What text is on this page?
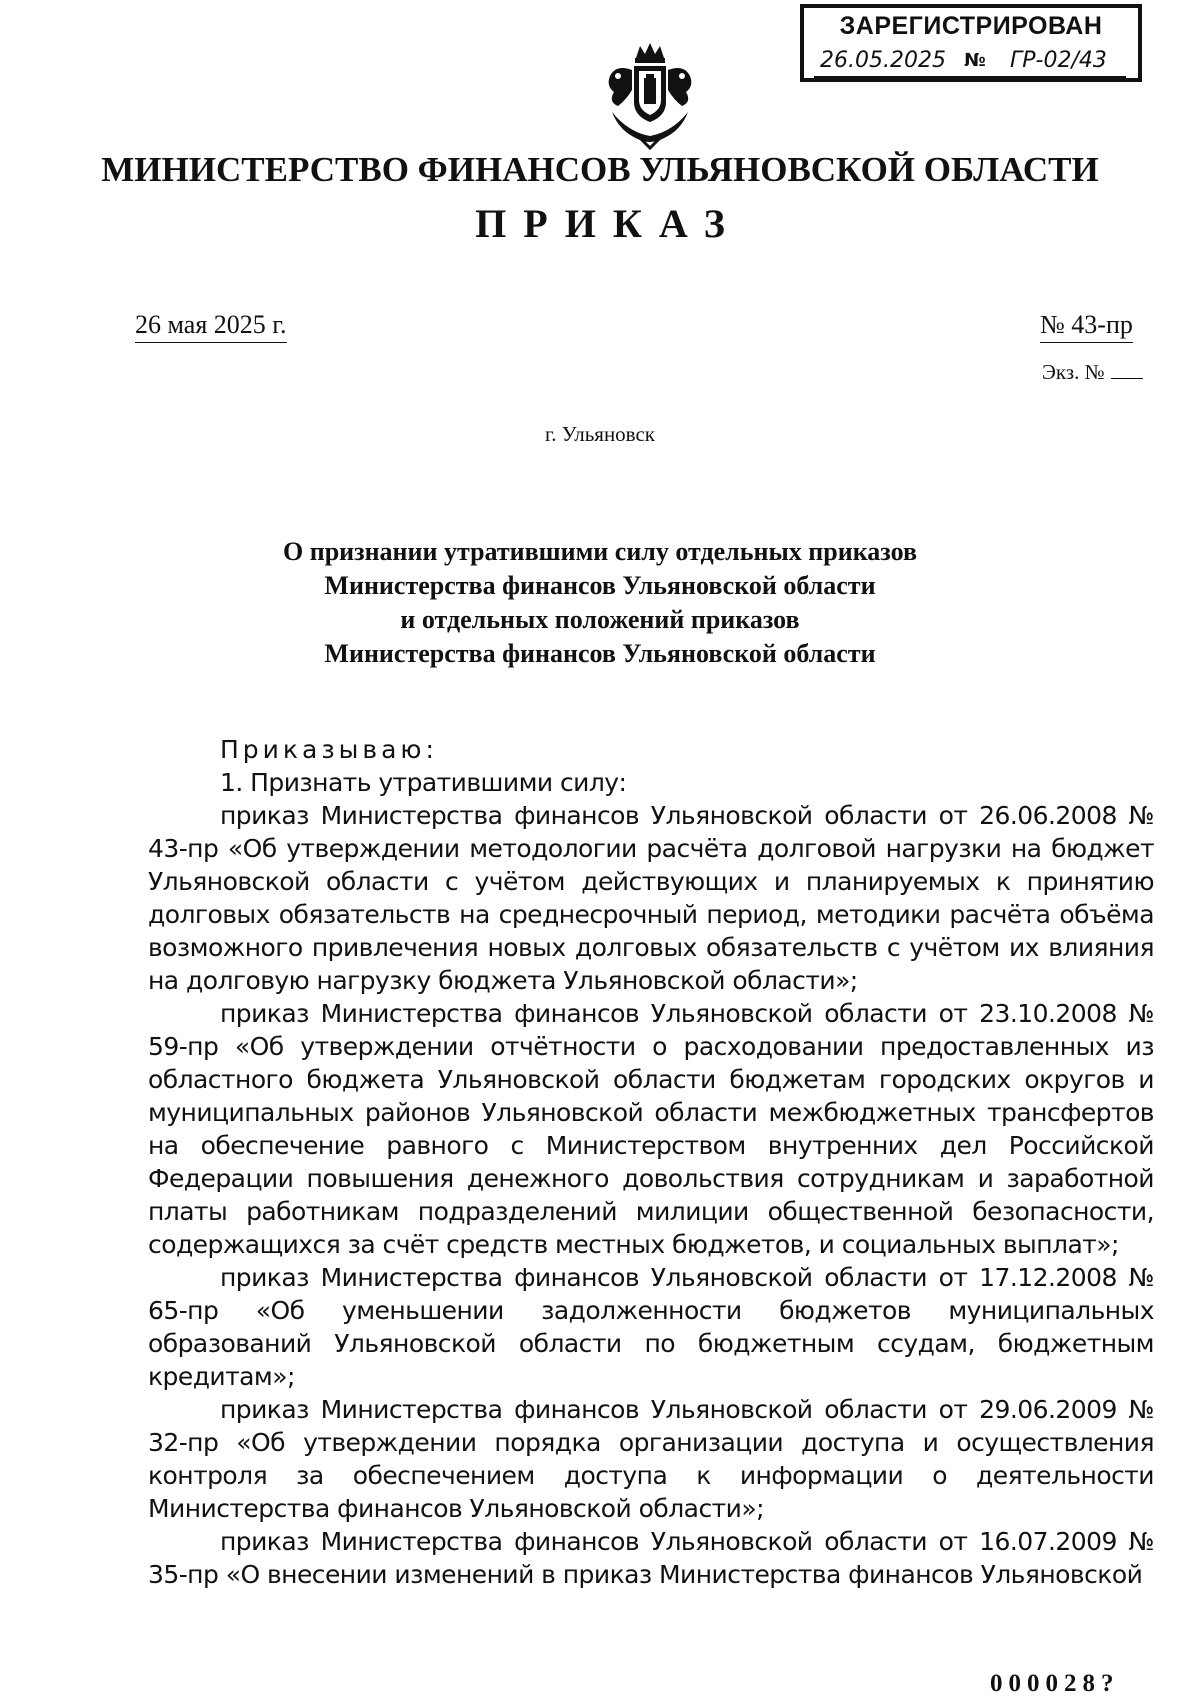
ЗАРЕГИСТРИРОВАН
26.05.2025 № ГР-02/43
МИНИСТЕРСТВО ФИНАНСОВ УЛЬЯНОВСКОЙ ОБЛАСТИ
ПРИКАЗ
26 мая 2025 г.	№ 43-пр
Экз. №
г. Ульяновск
О признании утратившими силу отдельных приказов
Министерства финансов Ульяновской области
и отдельных положений приказов
Министерства финансов Ульяновской области

Приказываю:

1. Признать утратившими силу:

приказ Министерства финансов Ульяновской области от 26.06.2008 № 43-пр «Об утверждении методологии расчёта долговой нагрузки на бюджет Ульяновской области с учётом действующих и планируемых к принятию долговых обязательств на среднесрочный период, методики расчёта объёма возможного привлечения новых долговых обязательств с учётом их влияния на долговую нагрузку бюджета Ульяновской области»;

приказ Министерства финансов Ульяновской области от 23.10.2008 № 59-пр «Об утверждении отчётности о расходовании предоставленных из областного бюджета Ульяновской области бюджетам городских округов и муниципальных районов Ульяновской области межбюджетных трансфертов на обеспечение равного с Министерством внутренних дел Российской Федерации повышения денежного довольствия сотрудникам и заработной платы работникам подразделений милиции общественной безопасности, содержащихся за счёт средств местных бюджетов, и социальных выплат»;

приказ Министерства финансов Ульяновской области от 17.12.2008 № 65-пр «Об уменьшении задолженности бюджетов муниципальных образований Ульяновской области по бюджетным ссудам, бюджетным кредитам»;

приказ Министерства финансов Ульяновской области от 29.06.2009 № 32-пр «Об утверждении порядка организации доступа и осуществления контроля за обеспечением доступа к информации о деятельности Министерства финансов Ульяновской области»;

приказ Министерства финансов Ульяновской области от 16.07.2009 № 35-пр «О внесении изменений в приказ Министерства финансов Ульяновской

000028?
